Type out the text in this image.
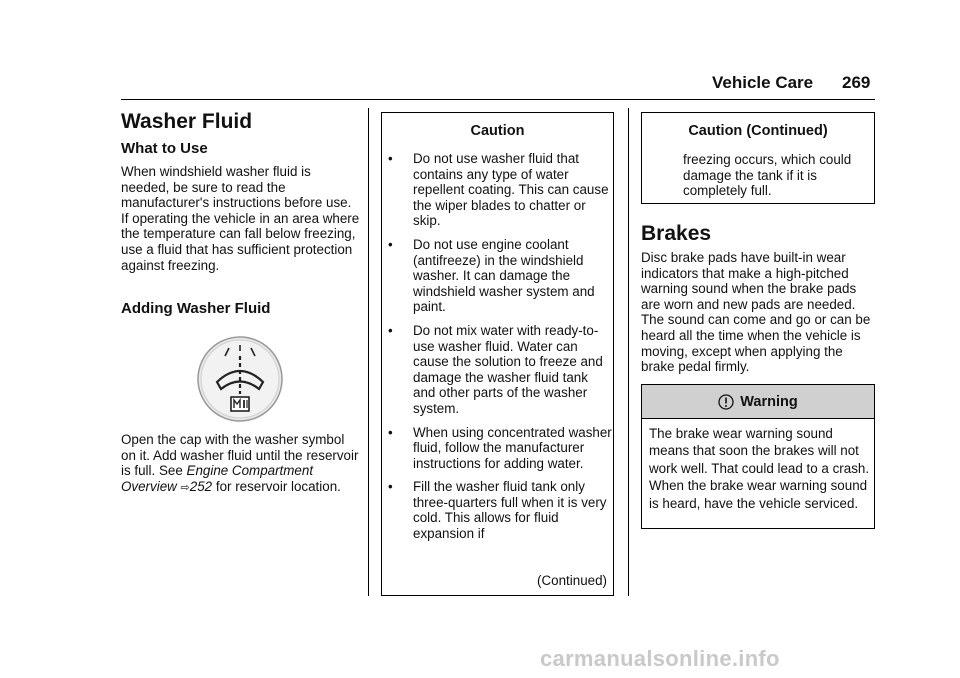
Vehicle Care 269
Washer Fluid
What to Use
When windshield washer fluid is needed, be sure to read the manufacturer's instructions before use. If operating the vehicle in an area where the temperature can fall below freezing, use a fluid that has sufficient protection against freezing.
Adding Washer Fluid
Open the cap with the washer symbol on it. Add washer fluid until the reservoir is full. See Engine Compartment Overview ⇨252 for reservoir location.
Caution
•	Do not use washer fluid that contains any type of water repellent coating. This can cause the wiper blades to chatter or skip.
•	Do not use engine coolant (antifreeze) in the windshield washer. It can damage the windshield washer system and paint.
•	Do not mix water with ready-to-use washer fluid. Water can cause the solution to freeze and damage the washer fluid tank and other parts of the washer system.
•	When using concentrated washer fluid, follow the manufacturer instructions for adding water.
•	Fill the washer fluid tank only three-quarters full when it is very cold. This allows for fluid expansion if
(Continued)
Caution (Continued)
freezing occurs, which could damage the tank if it is completely full.
Brakes
Disc brake pads have built-in wear indicators that make a high-pitched warning sound when the brake pads are worn and new pads are needed. The sound can come and go or can be heard all the time when the vehicle is moving, except when applying the brake pedal firmly.
Warning
The brake wear warning sound means that soon the brakes will not work well. That could lead to a crash. When the brake wear warning sound is heard, have the vehicle serviced.
carmanualsonline.info
